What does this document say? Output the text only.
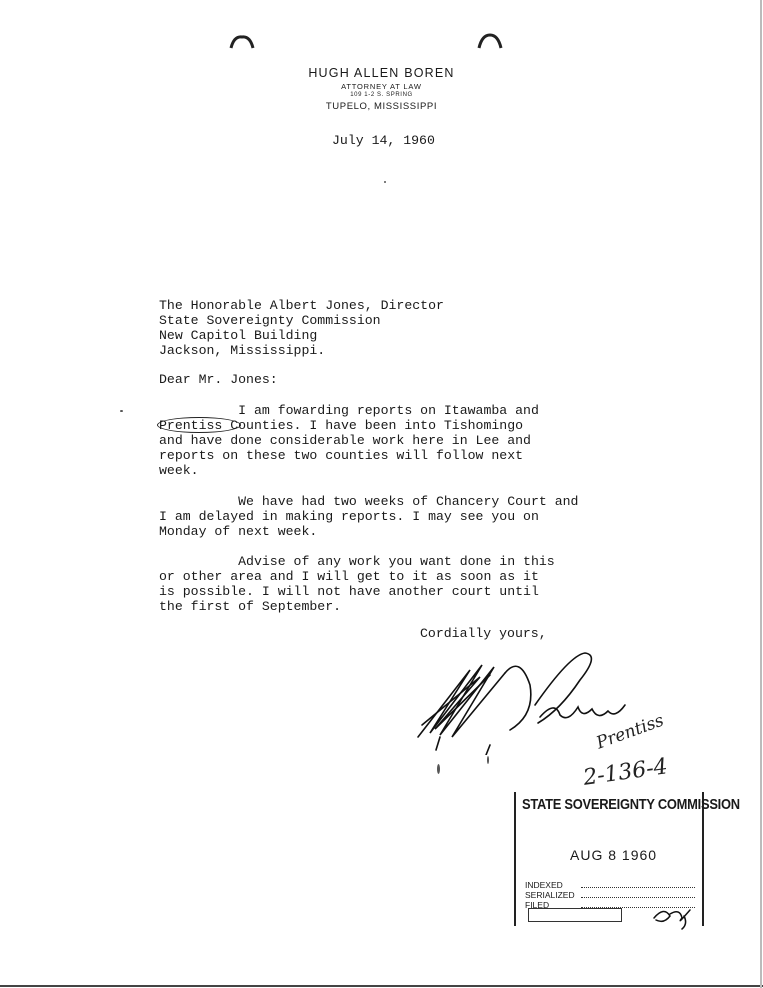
HUGH ALLEN BOREN
ATTORNEY AT LAW
109 1-2 S. SPRING
TUPELO, MISSISSIPPI
July 14, 1960
The Honorable Albert Jones, Director
State Sovereignty Commission
New Capitol Building
Jackson, Mississippi.
Dear Mr. Jones:
I am fowarding reports on Itawamba and
Prentiss Counties. I have been into Tishomingo
and have done considerable work here in Lee and
reports on these two counties will follow next
week.
We have had two weeks of Chancery Court and
I am delayed in making reports. I may see you on
Monday of next week.
Advise of any work you want done in this
or other area and I will get to it as soon as it
is possible. I will not have another court until
the first of September.
Cordially yours,
Prentiss
2-136-4
STATE SOVEREIGNTY COMMISSION
AUG 8 1960
INDEXED
SERIALIZED
FILED
